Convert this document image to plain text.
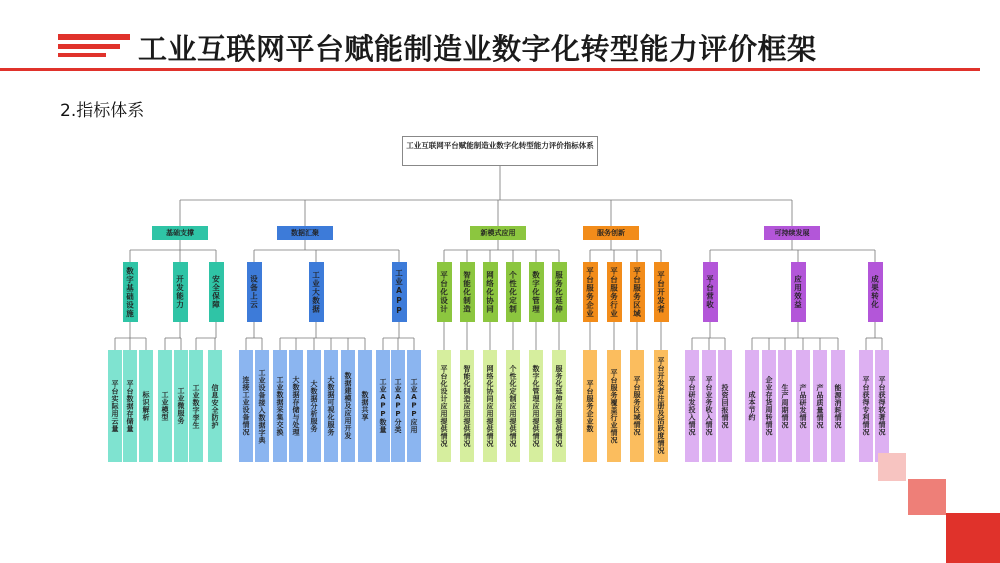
工业互联网平台赋能制造业数字化转型能力评价框架
2.指标体系
工业互联网平台赋能制造业数字化转型能力评价指标体系
基础支撑
数字基础设施
平台实际用云量	平台数据存储量	标识解析
开发能力
工业模型	工业微服务
安全保障
工业数字孪生	信息安全防护
数据汇聚
设备上云
连接工业设备情况	工业设备接入数据字典
工业大数据
工业数据采集交换	大数据存储与处理	大数据分析服务	大数据可视化服务	数据建模及应用开发	数据共享
工业APP
工业APP数量	工业APP分类	工业APP应用
新模式应用
平台化设计
平台化设计应用提供情况
智能化制造
智能化制造应用提供情况
网络化协同
网络化协同应用提供情况
个性化定制
个性化定制应用提供情况
数字化管理
数字化管理应用提供情况
服务化延伸
服务化延伸应用提供情况
服务创新
平台服务企业
平台服务企业数
平台服务行业
平台服务覆盖行业情况
平台服务区域
平台服务区域情况
平台开发者
平台开发者注册及活跃度情况
可持续发展
平台营收
平台研发投入情况	平台业务收入情况	投资回报情况
应用效益
成本节约	企业存货周转情况	生产周期情况	产品研发情况	产品质量情况	能源消耗情况
成果转化
平台获得专利情况	平台获得软著情况
